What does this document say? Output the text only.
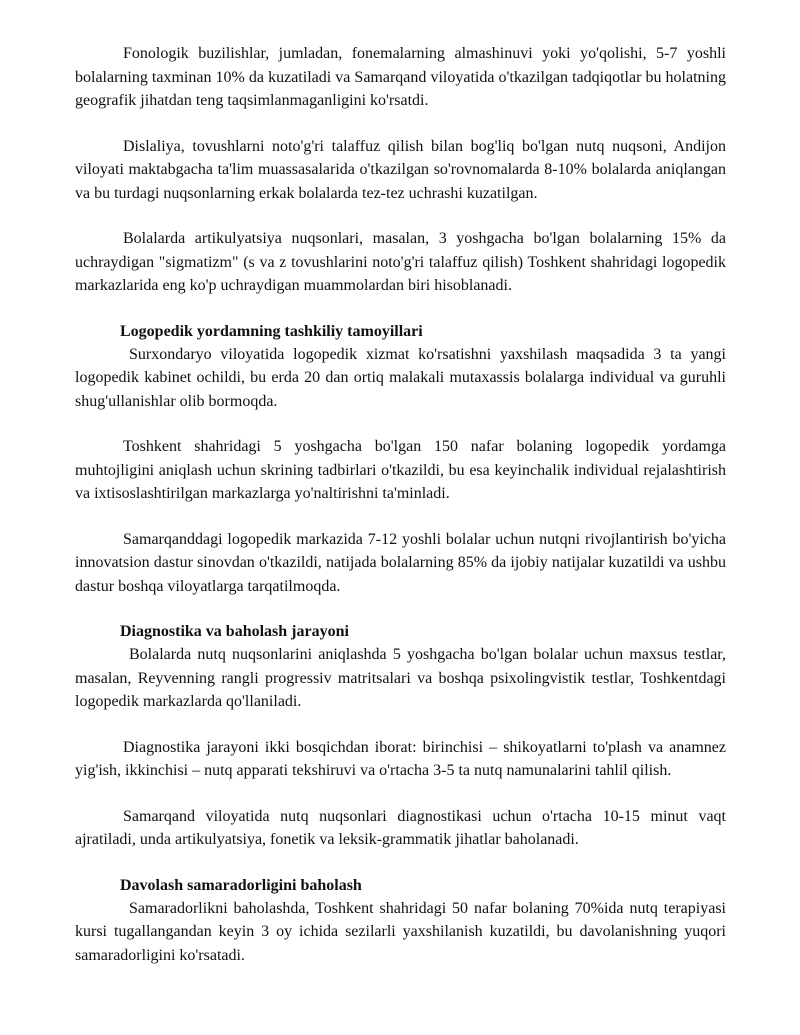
Fonologik buzilishlar, jumladan, fonemalarning almashinuvi yoki yo'qolishi, 5-7 yoshli bolalarning taxminan 10% da kuzatiladi va Samarqand viloyatida o'tkazilgan tadqiqotlar bu holatning geografik jihatdan teng taqsimlanmaganligini ko'rsatdi.

Dislaliya, tovushlarni noto'g'ri talaffuz qilish bilan bog'liq bo'lgan nutq nuqsoni, Andijon viloyati maktabgacha ta'lim muassasalarida o'tkazilgan so'rovnomalarda 8-10% bolalarda aniqlangan va bu turdagi nuqsonlarning erkak bolalarda tez-tez uchrashi kuzatilgan.

Bolalarda artikulyatsiya nuqsonlari, masalan, 3 yoshgacha bo'lgan bolalarning 15% da uchraydigan "sigmatizm" (s va z tovushlarini noto'g'ri talaffuz qilish) Toshkent shahridagi logopedik markazlarida eng ko'p uchraydigan muammolardan biri hisoblanadi.

Logopedik yordamning tashkiliy tamoyillari

Surxondaryo viloyatida logopedik xizmat ko'rsatishni yaxshilash maqsadida 3 ta yangi logopedik kabinet ochildi, bu erda 20 dan ortiq malakali mutaxassis bolalarga individual va guruhli shug'ullanishlar olib bormoqda.

Toshkent shahridagi 5 yoshgacha bo'lgan 150 nafar bolaning logopedik yordamga muhtojligini aniqlash uchun skrining tadbirlari o'tkazildi, bu esa keyinchalik individual rejalashtirish va ixtisoslashtirilgan markazlarga yo'naltirishni ta'minladi.

Samarqanddagi logopedik markazida 7-12 yoshli bolalar uchun nutqni rivojlantirish bo'yicha innovatsion dastur sinovdan o'tkazildi, natijada bolalarning 85% da ijobiy natijalar kuzatildi va ushbu dastur boshqa viloyatlarga tarqatilmoqda.

Diagnostika va baholash jarayoni

Bolalarda nutq nuqsonlarini aniqlashda 5 yoshgacha bo'lgan bolalar uchun maxsus testlar, masalan, Reyvenning rangli progressiv matritsalari va boshqa psixolingvistik testlar, Toshkentdagi logopedik markazlarda qo'llaniladi.

Diagnostika jarayoni ikki bosqichdan iborat: birinchisi – shikoyatlarni to'plash va anamnez yig'ish, ikkinchisi – nutq apparati tekshiruvi va o'rtacha 3-5 ta nutq namunalarini tahlil qilish.

Samarqand viloyatida nutq nuqsonlari diagnostikasi uchun o'rtacha 10-15 minut vaqt ajratiladi, unda artikulyatsiya, fonetik va leksik-grammatik jihatlar baholanadi.

Davolash samaradorligini baholash

Samaradorlikni baholashda, Toshkent shahridagi 50 nafar bolaning 70%ida nutq terapiyasi kursi tugallangandan keyin 3 oy ichida sezilarli yaxshilanish kuzatildi, bu davolanishning yuqori samaradorligini ko'rsatadi.
